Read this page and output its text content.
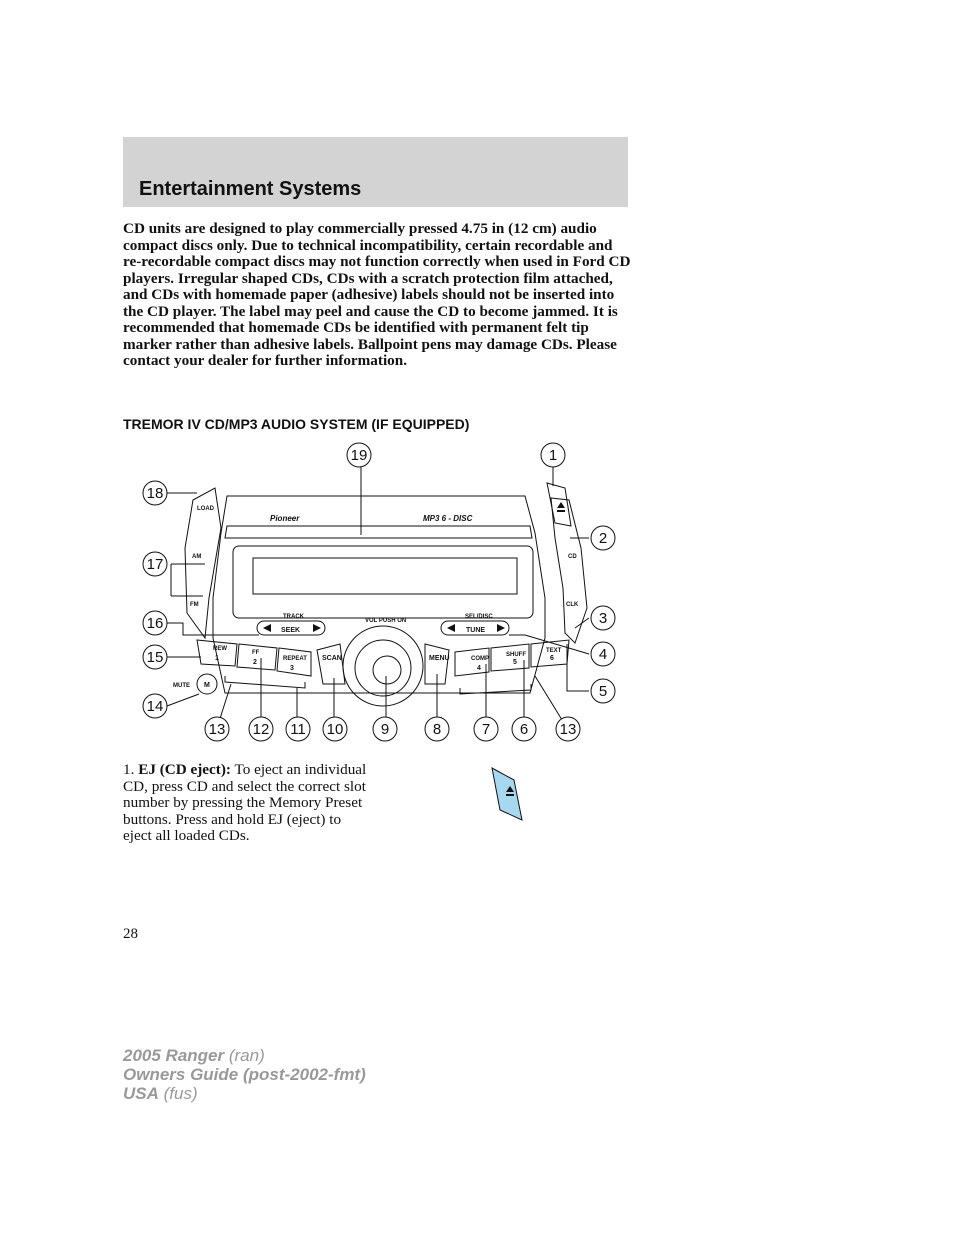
Entertainment Systems
CD units are designed to play commercially pressed 4.75 in (12 cm) audio compact discs only. Due to technical incompatibility, certain recordable and re-recordable compact discs may not function correctly when used in Ford CD players. Irregular shaped CDs, CDs with a scratch protection film attached, and CDs with homemade paper (adhesive) labels should not be inserted into the CD player. The label may peel and cause the CD to become jammed. It is recommended that homemade CDs be identified with permanent felt tip marker rather than adhesive labels. Ballpoint pens may damage CDs. Please contact your dealer for further information.
TREMOR IV CD/MP3 AUDIO SYSTEM (IF EQUIPPED)
LOAD
AM
FM
CD
CLK
TRACK
SEEK
VOL PUSH ON
SEL/DISC
TUNE
REW
FF
REPEAT SCAN	MENU	COMP
SHUFF
TEXT
MUTE M
1
2
3	4
5
6
Pioneer	MP3 6 - DISC
19	1
2
3
4
5
18
17
16
15
14
13 12 11 10 9	8	7 6 13
1. EJ (CD eject): To eject an individual CD, press CD and select the correct slot number by pressing the Memory Preset buttons. Press and hold EJ (eject) to eject all loaded CDs.
28
2005 Ranger (ran)
Owners Guide (post-2002-fmt)
USA (fus)
